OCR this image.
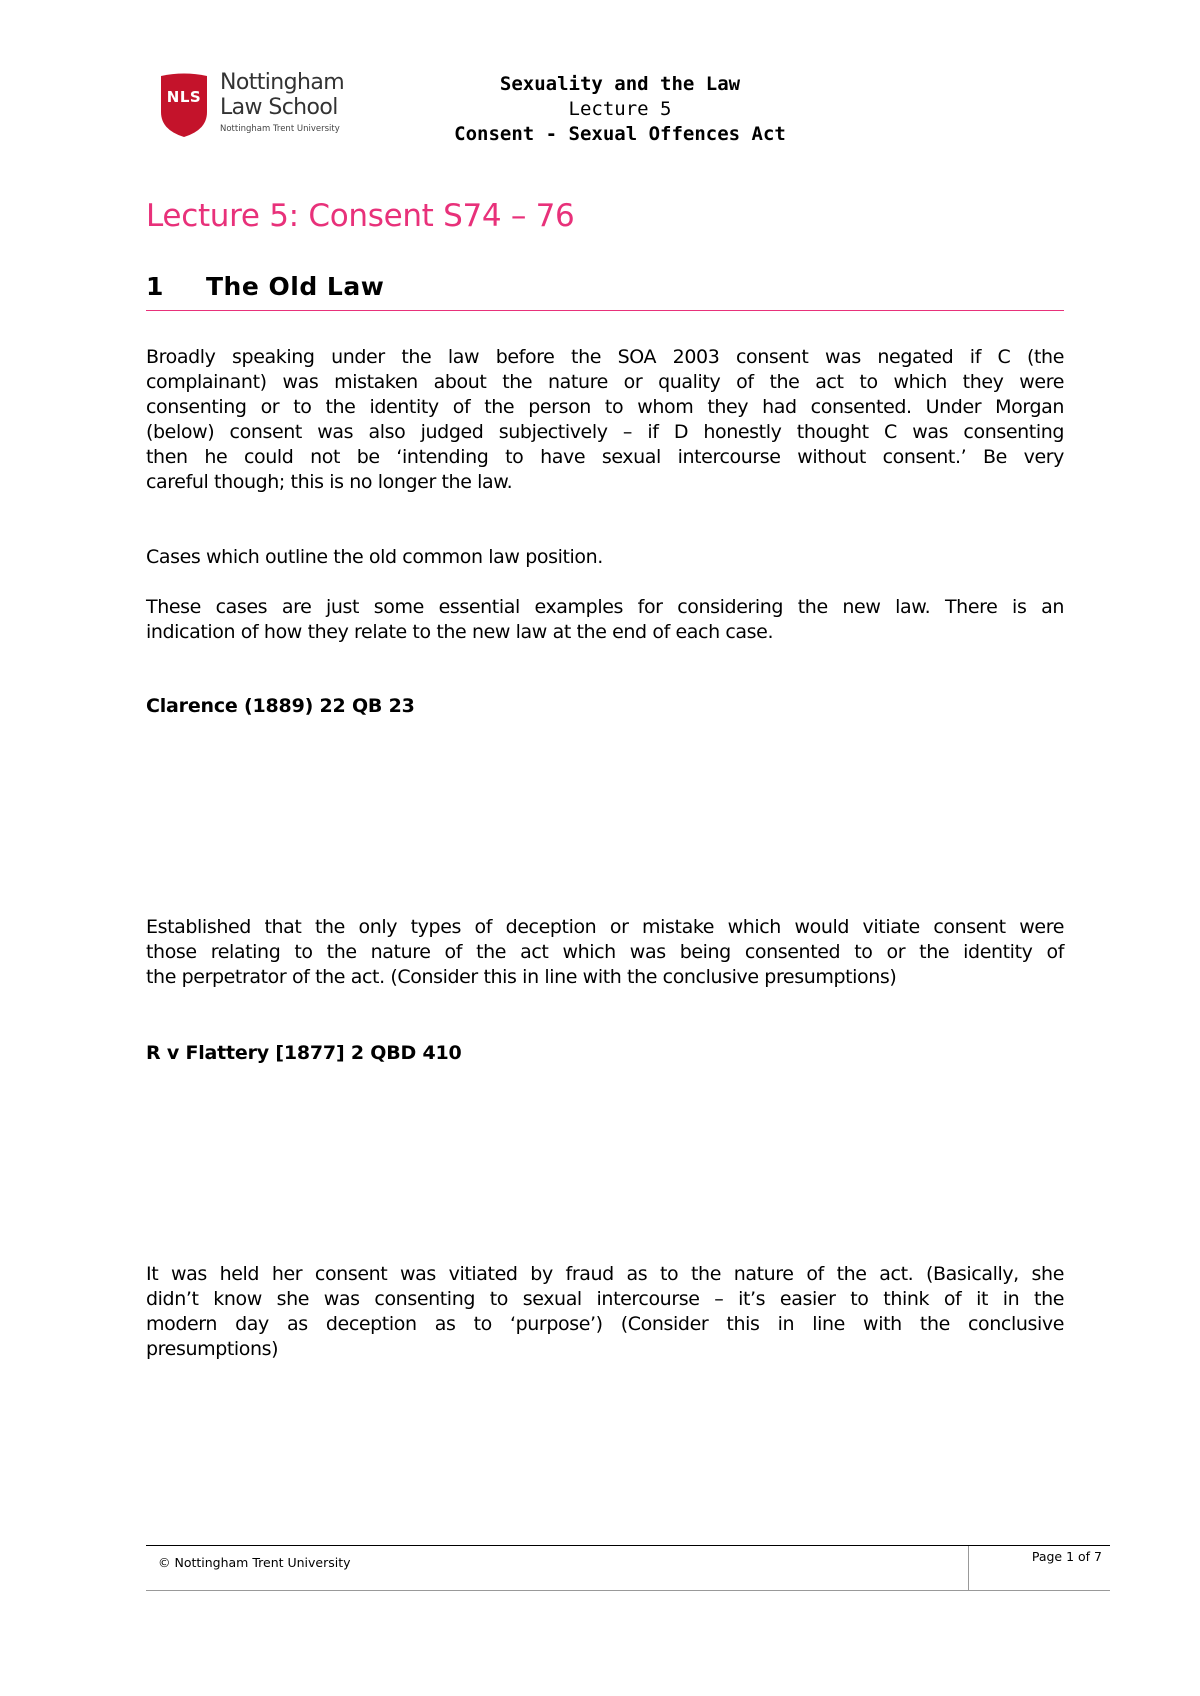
NLS
Nottingham
Law School
Nottingham Trent University
Sexuality and the Law
Lecture 5
Consent - Sexual Offences Act
Lecture 5: Consent S74 – 76
1 The Old Law
Broadly speaking under the law before the SOA 2003 consent was negated if C (the
complainant) was mistaken about the nature or quality of the act to which they were
consenting or to the identity of the person to whom they had consented. Under Morgan
(below) consent was also judged subjectively – if D honestly thought C was consenting
then he could not be ‘intending to have sexual intercourse without consent.’ Be very
careful though; this is no longer the law.
Cases which outline the old common law position.
These cases are just some essential examples for considering the new law. There is an
indication of how they relate to the new law at the end of each case.
Clarence (1889) 22 QB 23
Established that the only types of deception or mistake which would vitiate consent were
those relating to the nature of the act which was being consented to or the identity of
the perpetrator of the act. (Consider this in line with the conclusive presumptions)
R v Flattery [1877] 2 QBD 410
It was held her consent was vitiated by fraud as to the nature of the act. (Basically, she
didn’t know she was consenting to sexual intercourse – it’s easier to think of it in the
modern day as deception as to ‘purpose’) (Consider this in line with the conclusive
presumptions)
© Nottingham Trent University	Page 1 of 7
